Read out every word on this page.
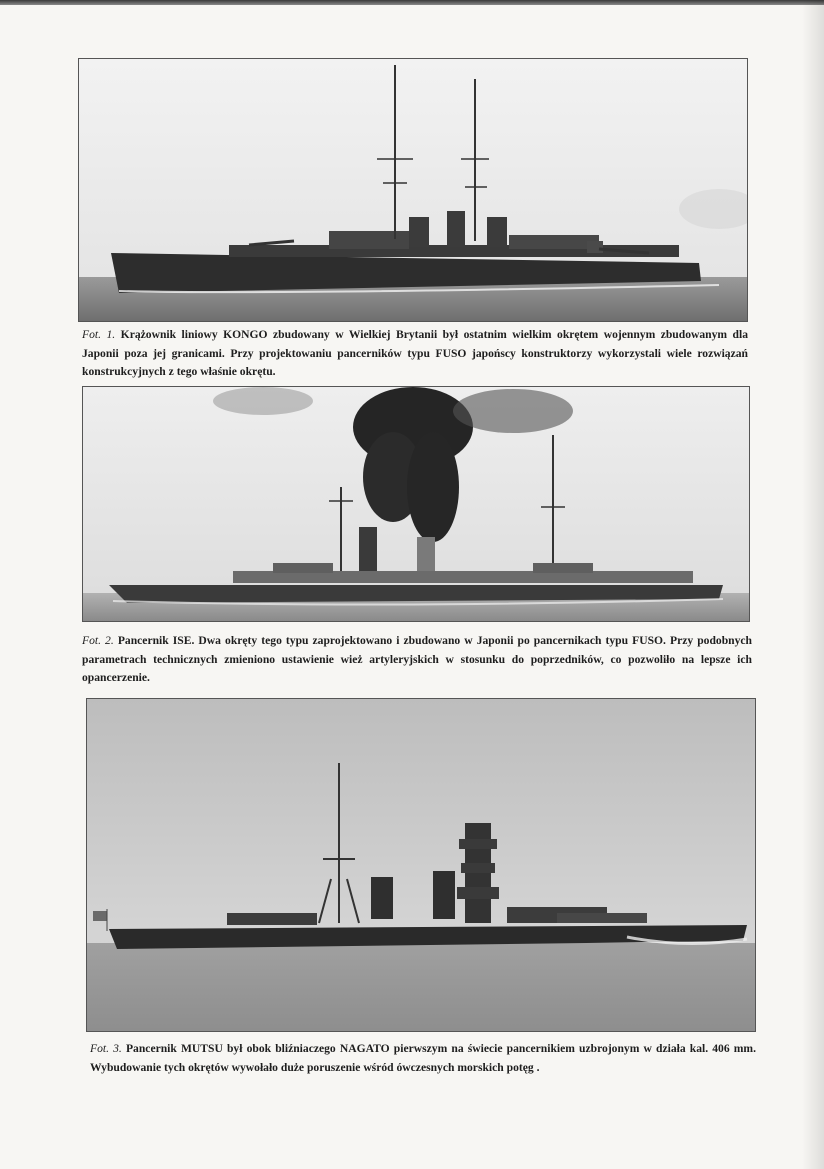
Fot. 1. Krążownik liniowy KONGO zbudowany w Wielkiej Brytanii był ostatnim wielkim okrętem wojennym zbudowanym dla Japonii poza jej granicami. Przy projektowaniu pancerników typu FUSO japońscy konstruktorzy wykorzystali wiele rozwiązań konstrukcyjnych z tego właśnie okrętu.

Fot. 2. Pancernik ISE. Dwa okręty tego typu zaprojektowano i zbudowano w Japonii po pancernikach typu FUSO. Przy podobnych parametrach technicznych zmieniono ustawienie wież artyleryjskich w stosunku do poprzedników, co pozwoliło na lepsze ich opancerzenie.

Fot. 3. Pancernik MUTSU był obok bliźniaczego NAGATO pierwszym na świecie pancernikiem uzbrojonym w działa kal. 406 mm. Wybudowanie tych okrętów wywołało duże poruszenie wśród ówczesnych morskich potęg .
